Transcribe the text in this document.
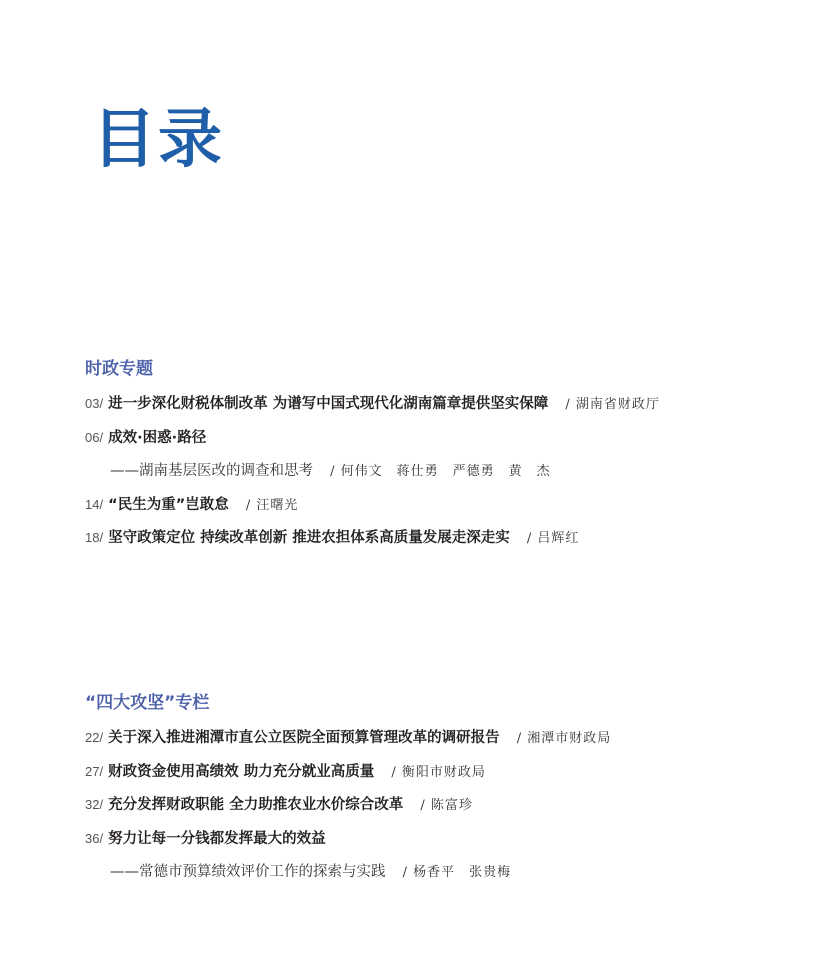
目录
时政专题
03/ 进一步深化财税体制改革 为谱写中国式现代化湖南篇章提供坚实保障 / 湖南省财政厅
06/ 成效·困惑·路径
——湖南基层医改的调查和思考 / 何伟文　蒋仕勇　严德勇　黄　杰
14/ “民生为重”岂敢怠 / 汪曙光
18/ 坚守政策定位 持续改革创新 推进农担体系高质量发展走深走实 / 吕辉红
“四大攻坚”专栏
22/ 关于深入推进湘潭市直公立医院全面预算管理改革的调研报告 / 湘潭市财政局
27/ 财政资金使用高绩效 助力充分就业高质量 / 衡阳市财政局
32/ 充分发挥财政职能 全力助推农业水价综合改革 / 陈富珍
36/ 努力让每一分钱都发挥最大的效益
——常德市预算绩效评价工作的探索与实践 / 杨香平　张贵梅
